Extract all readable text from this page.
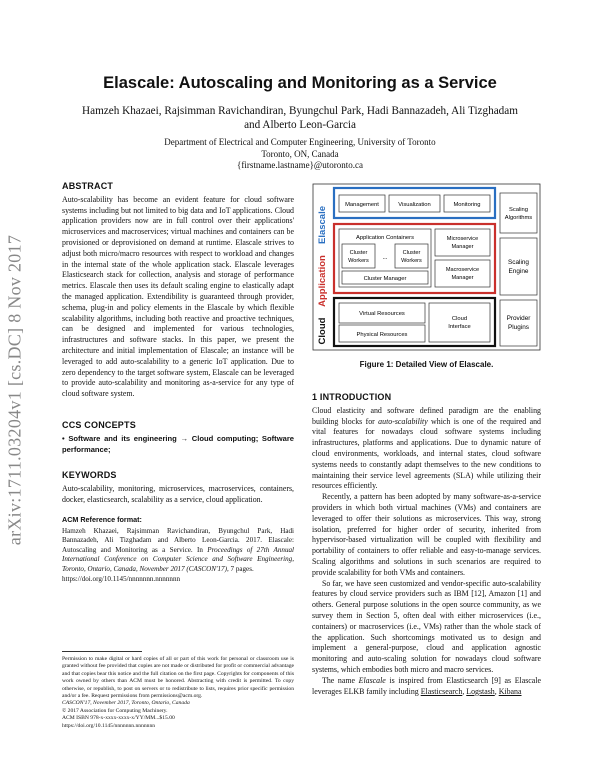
arXiv:1711.03204v1 [cs.DC] 8 Nov 2017
Elascale: Autoscaling and Monitoring as a Service
Hamzeh Khazaei, Rajsimman Ravichandiran, Byungchul Park, Hadi Bannazadeh, Ali Tizghadam
and Alberto Leon-Garcia
Department of Electrical and Computer Engineering, University of Toronto
Toronto, ON, Canada
{firstname.lastname}@utoronto.ca
ABSTRACT

Auto-scalability has become an evident feature for cloud software systems including but not limited to big data and IoT applications. Cloud application providers now are in full control over their applications' microservices and macroservices; virtual machines and containers can be provisioned or deprovisioned on demand at runtime. Elascale strives to adjust both micro/macro resources with respect to workload and changes in the internal state of the whole application stack. Elascale leverages Elasticsearch stack for collection, analysis and storage of performance metrics. Elascale then uses its default scaling engine to elastically adapt the managed application. Extendibility is guaranteed through provider, schema, plug-in and policy elements in the Elascale by which flexible scalability algorithms, including both reactive and proactive techniques, can be designed and implemented for various technologies, infrastructures and software stacks. In this paper, we present the architecture and initial implementation of Elascale; an instance will be leveraged to add auto-scalability to a generic IoT application. Due to zero dependency to the target software system, Elascale can be leveraged to provide auto-scalability and monitoring as-a-service for any type of cloud software system.

CCS CONCEPTS

• Software and its engineering → Cloud computing; Software performance;

KEYWORDS

Auto-scalability, monitoring, microservices, macroservices, containers, docker, elasticsearch, scalability as a service, cloud application.

ACM Reference format:

Hamzeh Khazaei, Rajsimman Ravichandiran, Byungchul Park, Hadi Bannazadeh, Ali Tizghadam and Alberto Leon-Garcia. 2017. Elascale: Autoscaling and Monitoring as a Service. In Proceedings of 27th Annual International Conference on Computer Science and Software Engineering, Toronto, Ontario, Canada, November 2017 (CASCON'17), 7 pages.

https://doi.org/10.1145/nnnnnnn.nnnnnnn

Permission to make digital or hard copies of all or part of this work for personal or classroom use is granted without fee provided that copies are not made or distributed for profit or commercial advantage and that copies bear this notice and the full citation on the first page. Copyrights for components of this work owned by others than ACM must be honored. Abstracting with credit is permitted. To copy otherwise, or republish, to post on servers or to redistribute to lists, requires prior specific permission and/or a fee. Request permissions from permissions@acm.org.

CASCON'17, November 2017, Toronto, Ontario, Canada

© 2017 Association for Computing Machinery.

ACM ISBN 978-x-xxxx-xxxx-x/YY/MM...$15.00

https://doi.org/10.1145/nnnnnnn.nnnnnnn

Elascale
Application
Cloud
Management	Visualization	Monitoring
Application Containers
Cluster
Workers ...
Cluster
Workers
Cluster Manager
Microservice
Manager
Macroservice
Manager
Virtual Resources
Physical Resources
Cloud
Interface
Scaling
Algorithms
Scaling
Engine
Provider
Plugins
Figure 1: Detailed View of Elascale.
1 INTRODUCTION

Cloud elasticity and software defined paradigm are the enabling building blocks for auto-scalability which is one of the required and vital features for nowadays cloud software systems including infrastructures, platforms and applications. Due to dynamic nature of cloud environments, workloads, and internal states, cloud software systems needs to constantly adapt themselves to the new conditions to maintaining their service level agreements (SLA) while utilizing their resources efficiently.

Recently, a pattern has been adopted by many software-as-a-service providers in which both virtual machines (VMs) and containers are leveraged to offer their solutions as microservices. This way, strong isolation, preferred for higher order of security, inherited from hypervisor-based virtualization will be coupled with flexibility and portability of containers to offer reliable and easy-to-manage services. Scaling algorithms and solutions in such scenarios are required to provide scalability for both VMs and containers.

So far, we have seen customized and vendor-specific auto-scalability features by cloud service providers such as IBM [12], Amazon [1] and others. General purpose solutions in the open source community, as we survey them in Section 5, often deal with either microservices (i.e., containers) or macroservices (i.e., VMs) rather than the whole stack of the application. Such shortcomings motivated us to design and implement a general-purpose, cloud and application agnostic monitoring and auto-scaling solution for nowadays cloud software systems, which embodies both micro and macro services.

The name Elascale is inspired from Elasticsearch [9] as Elascale leverages ELKB family including Elasticsearch, Logstash, Kibana
